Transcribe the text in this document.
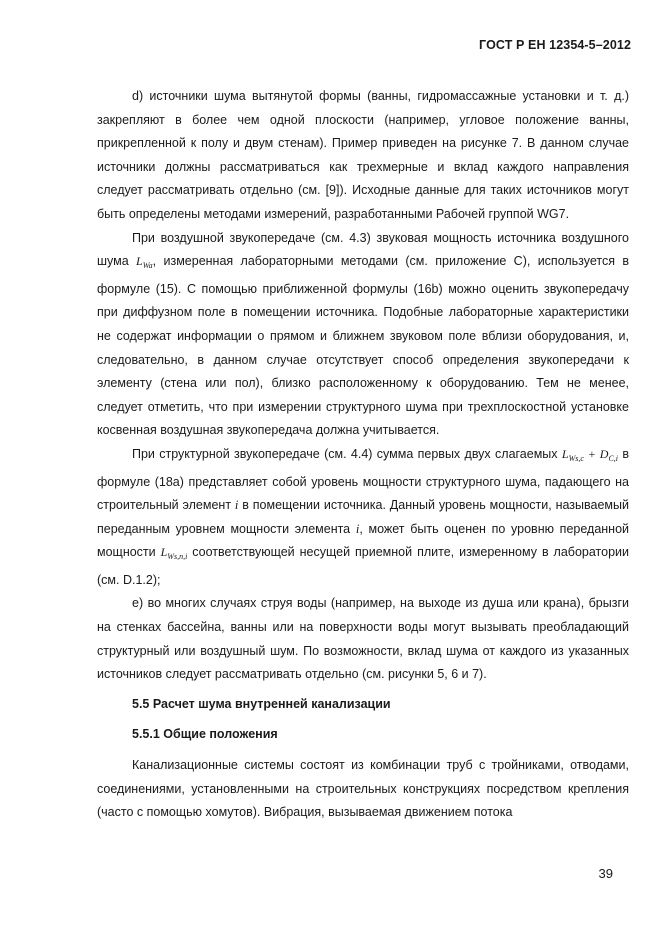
ГОСТ Р ЕН 12354-5–2012

d) источники шума вытянутой формы (ванны, гидромассажные установки и т. д.) закрепляют в более чем одной плоскости (например, угловое положение ванны, прикрепленной к полу и двум стенам). Пример приведен на рисунке 7. В данном случае источники должны рассматриваться как трехмерные и вклад каждого направления следует рассматривать отдельно (см. [9]). Исходные данные для таких источников могут быть определены методами измерений, разработанными Рабочей группой WG7.

При воздушной звукопередаче (см. 4.3) звуковая мощность источника воздушного шума $L_{Wa}$, измеренная лабораторными методами (см. приложение С), используется в формуле (15). С помощью приближенной формулы (16b) можно оценить звукопередачу при диффузном поле в помещении источника. Подобные лабораторные характеристики не содержат информации о прямом и ближнем звуковом поле вблизи оборудования, и, следовательно, в данном случае отсутствует способ определения звукопередачи к элементу (стена или пол), близко расположенному к оборудованию. Тем не менее, следует отметить, что при измерении структурного шума при трехплоскостной установке косвенная воздушная звукопередача должна учитывается.

При структурной звукопередаче (см. 4.4) сумма первых двух слагаемых $L_{Ws,c} + D_{C,i}$ в формуле (18а) представляет собой уровень мощности структурного шума, падающего на строительный элемент i в помещении источника. Данный уровень мощности, называемый переданным уровнем мощности элемента i, может быть оценен по уровню переданной мощности $L_{Ws,n,i}$ соответствующей несущей приемной плите, измеренному в лаборатории (см. D.1.2);

е) во многих случаях струя воды (например, на выходе из душа или крана), брызги на стенках бассейна, ванны или на поверхности воды могут вызывать преобладающий структурный или воздушный шум. По возможности, вклад шума от каждого из указанных источников следует рассматривать отдельно (см. рисунки 5, 6 и 7).

5.5 Расчет шума внутренней канализации

5.5.1 Общие положения

Канализационные системы состоят из комбинации труб с тройниками, отводами, соединениями, установленными на строительных конструкциях посредством крепления (часто с помощью хомутов). Вибрация, вызываемая движением потока

39
